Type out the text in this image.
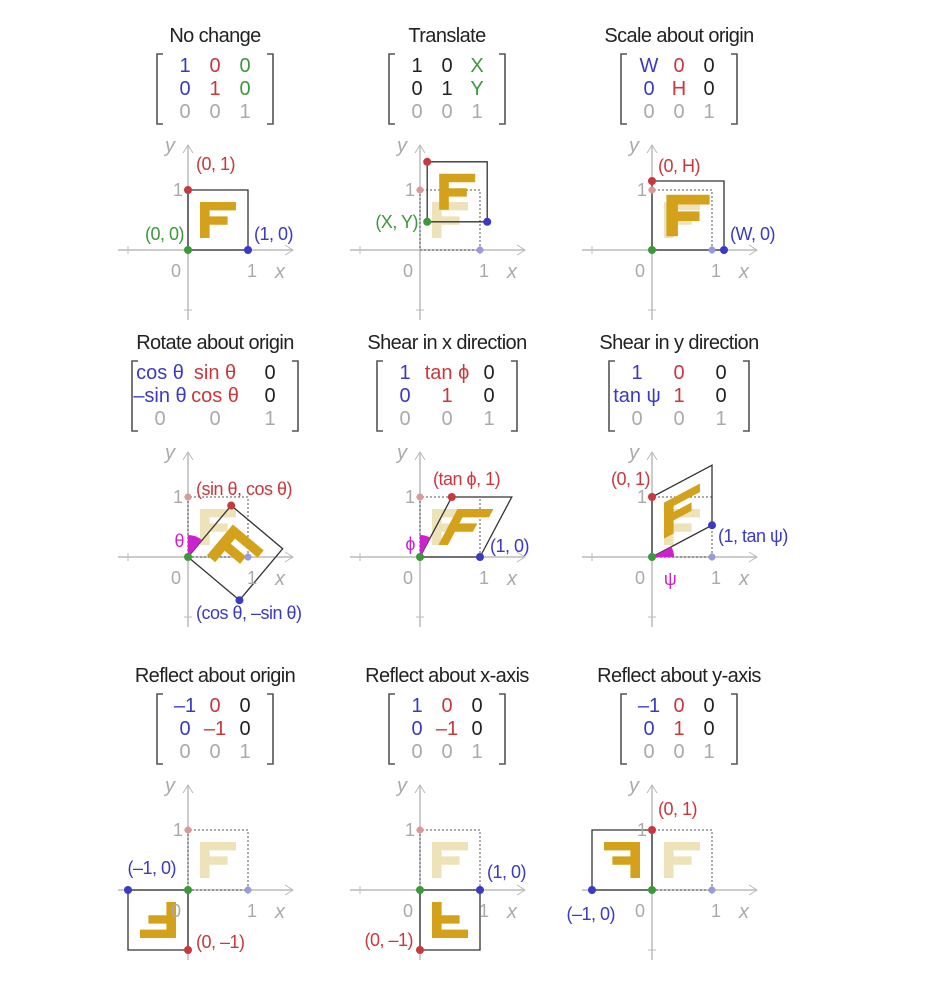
No change
1 0 0
0 1 0
0 0 1
0	1
1
x
y
(0, 1)
(0, 0)	(1, 0)
Translate
1 0 X
0 1 Y
0 0 1
0	1
1
x
y
(X, Y)
Scale about origin
W 0 0
0 H 0
0 0 1
0	1
1
x
y
(0, H)
(W, 0)
Rotate about origin
cos θ sin θ 0
–sin θ cos θ 0
0 0 1
0	1
1
x
y
(sin θ, cos θ)
(cos θ, –sin θ)
θ
Shear in x direction
1 tan ϕ 0
0 1 0
0 0 1
0	1
1
x
y
(tan ϕ, 1)
(1, 0)
ϕ
Shear in y direction
1 0 0
tan ψ 1 0
0 0 1
0	1
1
x
y
(0, 1)
(1, tan ψ)
ψ
Reflect about origin
–1 0 0
0 –1 0
0 0 1
0	1
1
x
y
(–1, 0)
(0, –1)
Reflect about x-axis
1 0 0
0 –1 0
0 0 1
0	1
1
x
y
(1, 0)
(0, –1)
Reflect about y-axis
–1 0 0
0 1 0
0 0 1
0	1
1
x
y
(0, 1)
(–1, 0)
